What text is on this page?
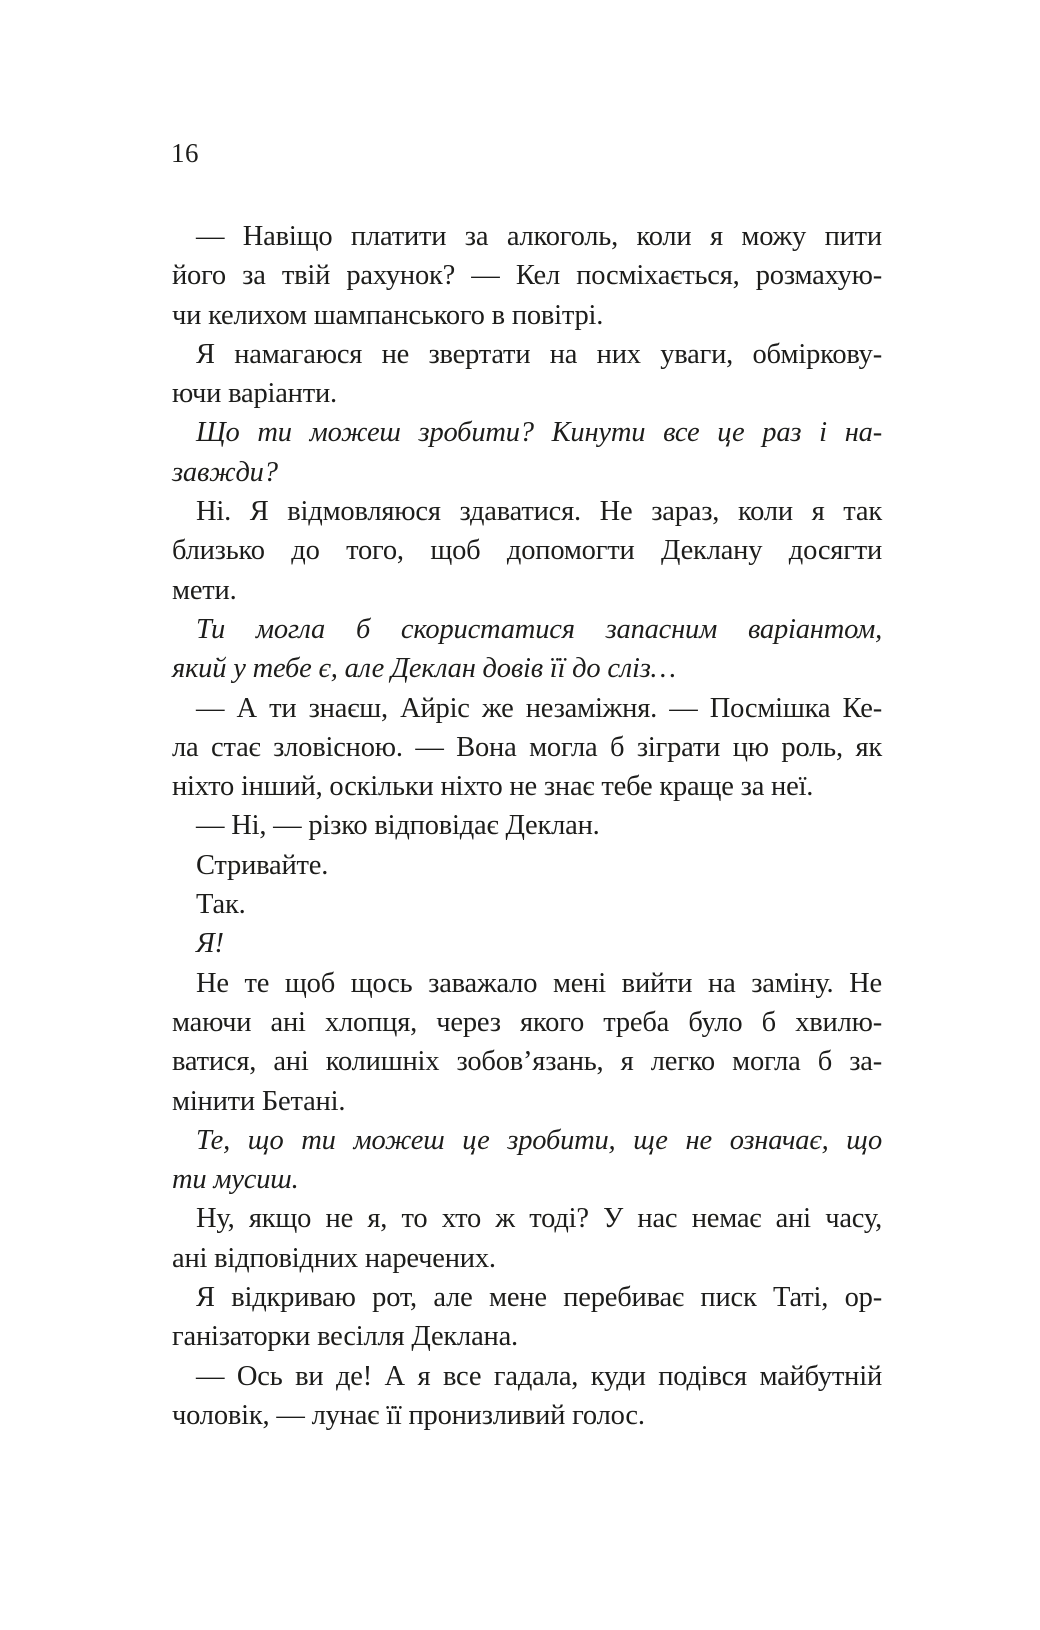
16
— Навіщо платити за алкоголь, коли я можу пити
його за твій рахунок? — Кел посміхається, розмахую-
чи келихом шампанського в повітрі.
Я намагаюся не звертати на них уваги, обміркову-
ючи варіанти.
Що ти можеш зробити? Кинути все це раз і на-
завжди?
Ні. Я відмовляюся здаватися. Не зараз, коли я так
близько до того, щоб допомогти Деклану досягти
мети.
Ти могла б скористатися запасним варіантом,
який у тебе є, але Деклан довів її до сліз…
— А ти знаєш, Айріс же незаміжня. — Посмішка Ке-
ла стає зловісною. — Вона могла б зіграти цю роль, як
ніхто інший, оскільки ніхто не знає тебе краще за неї.
— Ні, — різко відповідає Деклан.
Стривайте.
Так.
Я!
Не те щоб щось заважало мені вийти на заміну. Не
маючи ані хлопця, через якого треба було б хвилю-
ватися, ані колишніх зобов’язань, я легко могла б за-
мінити Бетані.
Те, що ти можеш це зробити, ще не означає, що
ти мусиш.
Ну, якщо не я, то хто ж тоді? У нас немає ані часу,
ані відповідних наречених.
Я відкриваю рот, але мене перебиває писк Таті, ор-
ганізаторки весілля Деклана.
— Ось ви де! А я все гадала, куди подівся майбутній
чоловік, — лунає її пронизливий голос.
